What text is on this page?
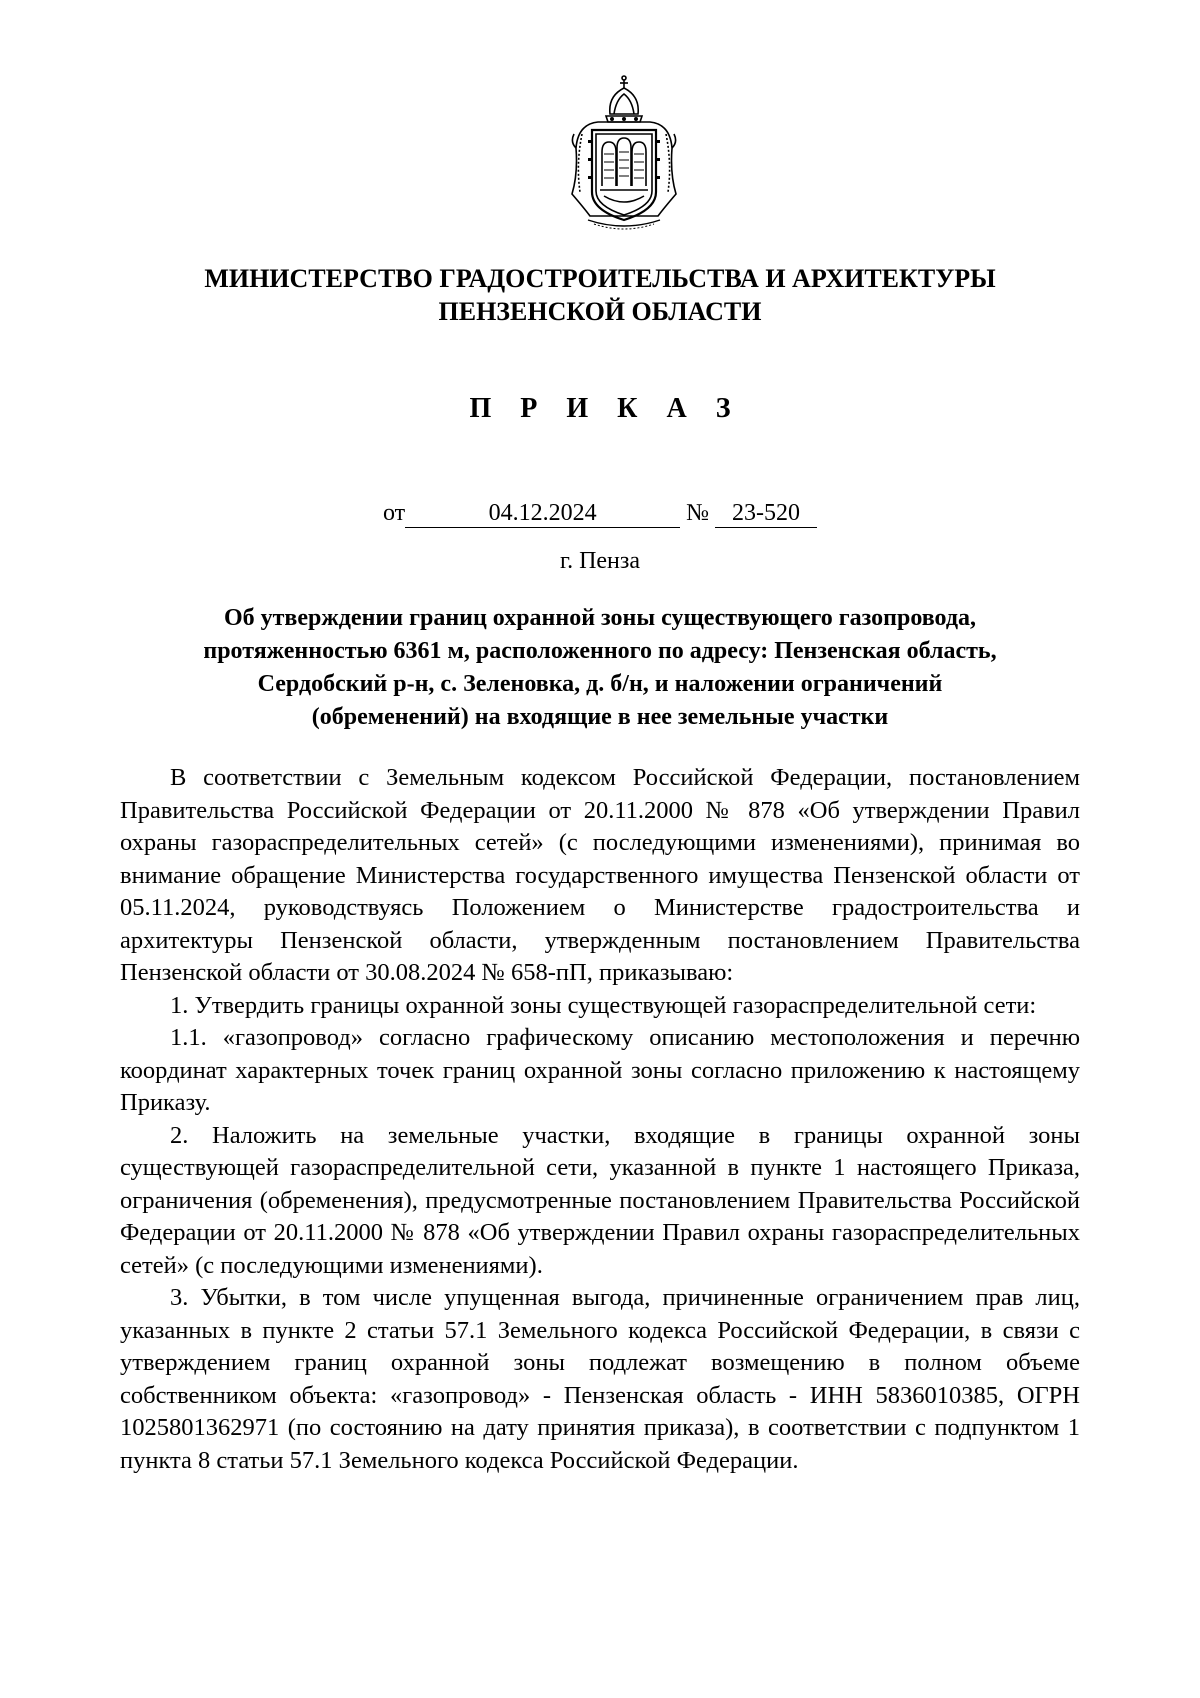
МИНИСТЕРСТВО ГРАДОСТРОИТЕЛЬСТВА И АРХИТЕКТУРЫ
ПЕНЗЕНСКОЙ ОБЛАСТИ
П Р И К А З
от	04.12.2024	№ 23-520
г. Пенза
Об утверждении границ охранной зоны существующего газопровода,
протяженностью 6361 м, расположенного по адресу: Пензенская область,
Сердобский р-н, с. Зеленовка, д. б/н, и наложении ограничений
(обременений) на входящие в нее земельные участки

В соответствии с Земельным кодексом Российской Федерации, постановлением Правительства Российской Федерации от 20.11.2000 № 878 «Об утверждении Правил охраны газораспределительных сетей» (с последующими изменениями), принимая во внимание обращение Министерства государственного имущества Пензенской области от 05.11.2024, руководствуясь Положением о Министерстве градостроительства и архитектуры Пензенской области, утвержденным постановлением Правительства Пензенской области от 30.08.2024 № 658-пП, приказываю:

1. Утвердить границы охранной зоны существующей газораспределительной сети:

1.1. «газопровод» согласно графическому описанию местоположения и перечню координат характерных точек границ охранной зоны согласно приложению к настоящему Приказу.

2. Наложить на земельные участки, входящие в границы охранной зоны существующей газораспределительной сети, указанной в пункте 1 настоящего Приказа, ограничения (обременения), предусмотренные постановлением Правительства Российской Федерации от 20.11.2000 № 878 «Об утверждении Правил охраны газораспределительных сетей» (с последующими изменениями).

3. Убытки, в том числе упущенная выгода, причиненные ограничением прав лиц, указанных в пункте 2 статьи 57.1 Земельного кодекса Российской Федерации, в связи с утверждением границ охранной зоны подлежат возмещению в полном объеме собственником объекта: «газопровод» - Пензенская область - ИНН 5836010385, ОГРН 1025801362971 (по состоянию на дату принятия приказа), в соответствии с подпунктом 1 пункта 8 статьи 57.1 Земельного кодекса Российской Федерации.
